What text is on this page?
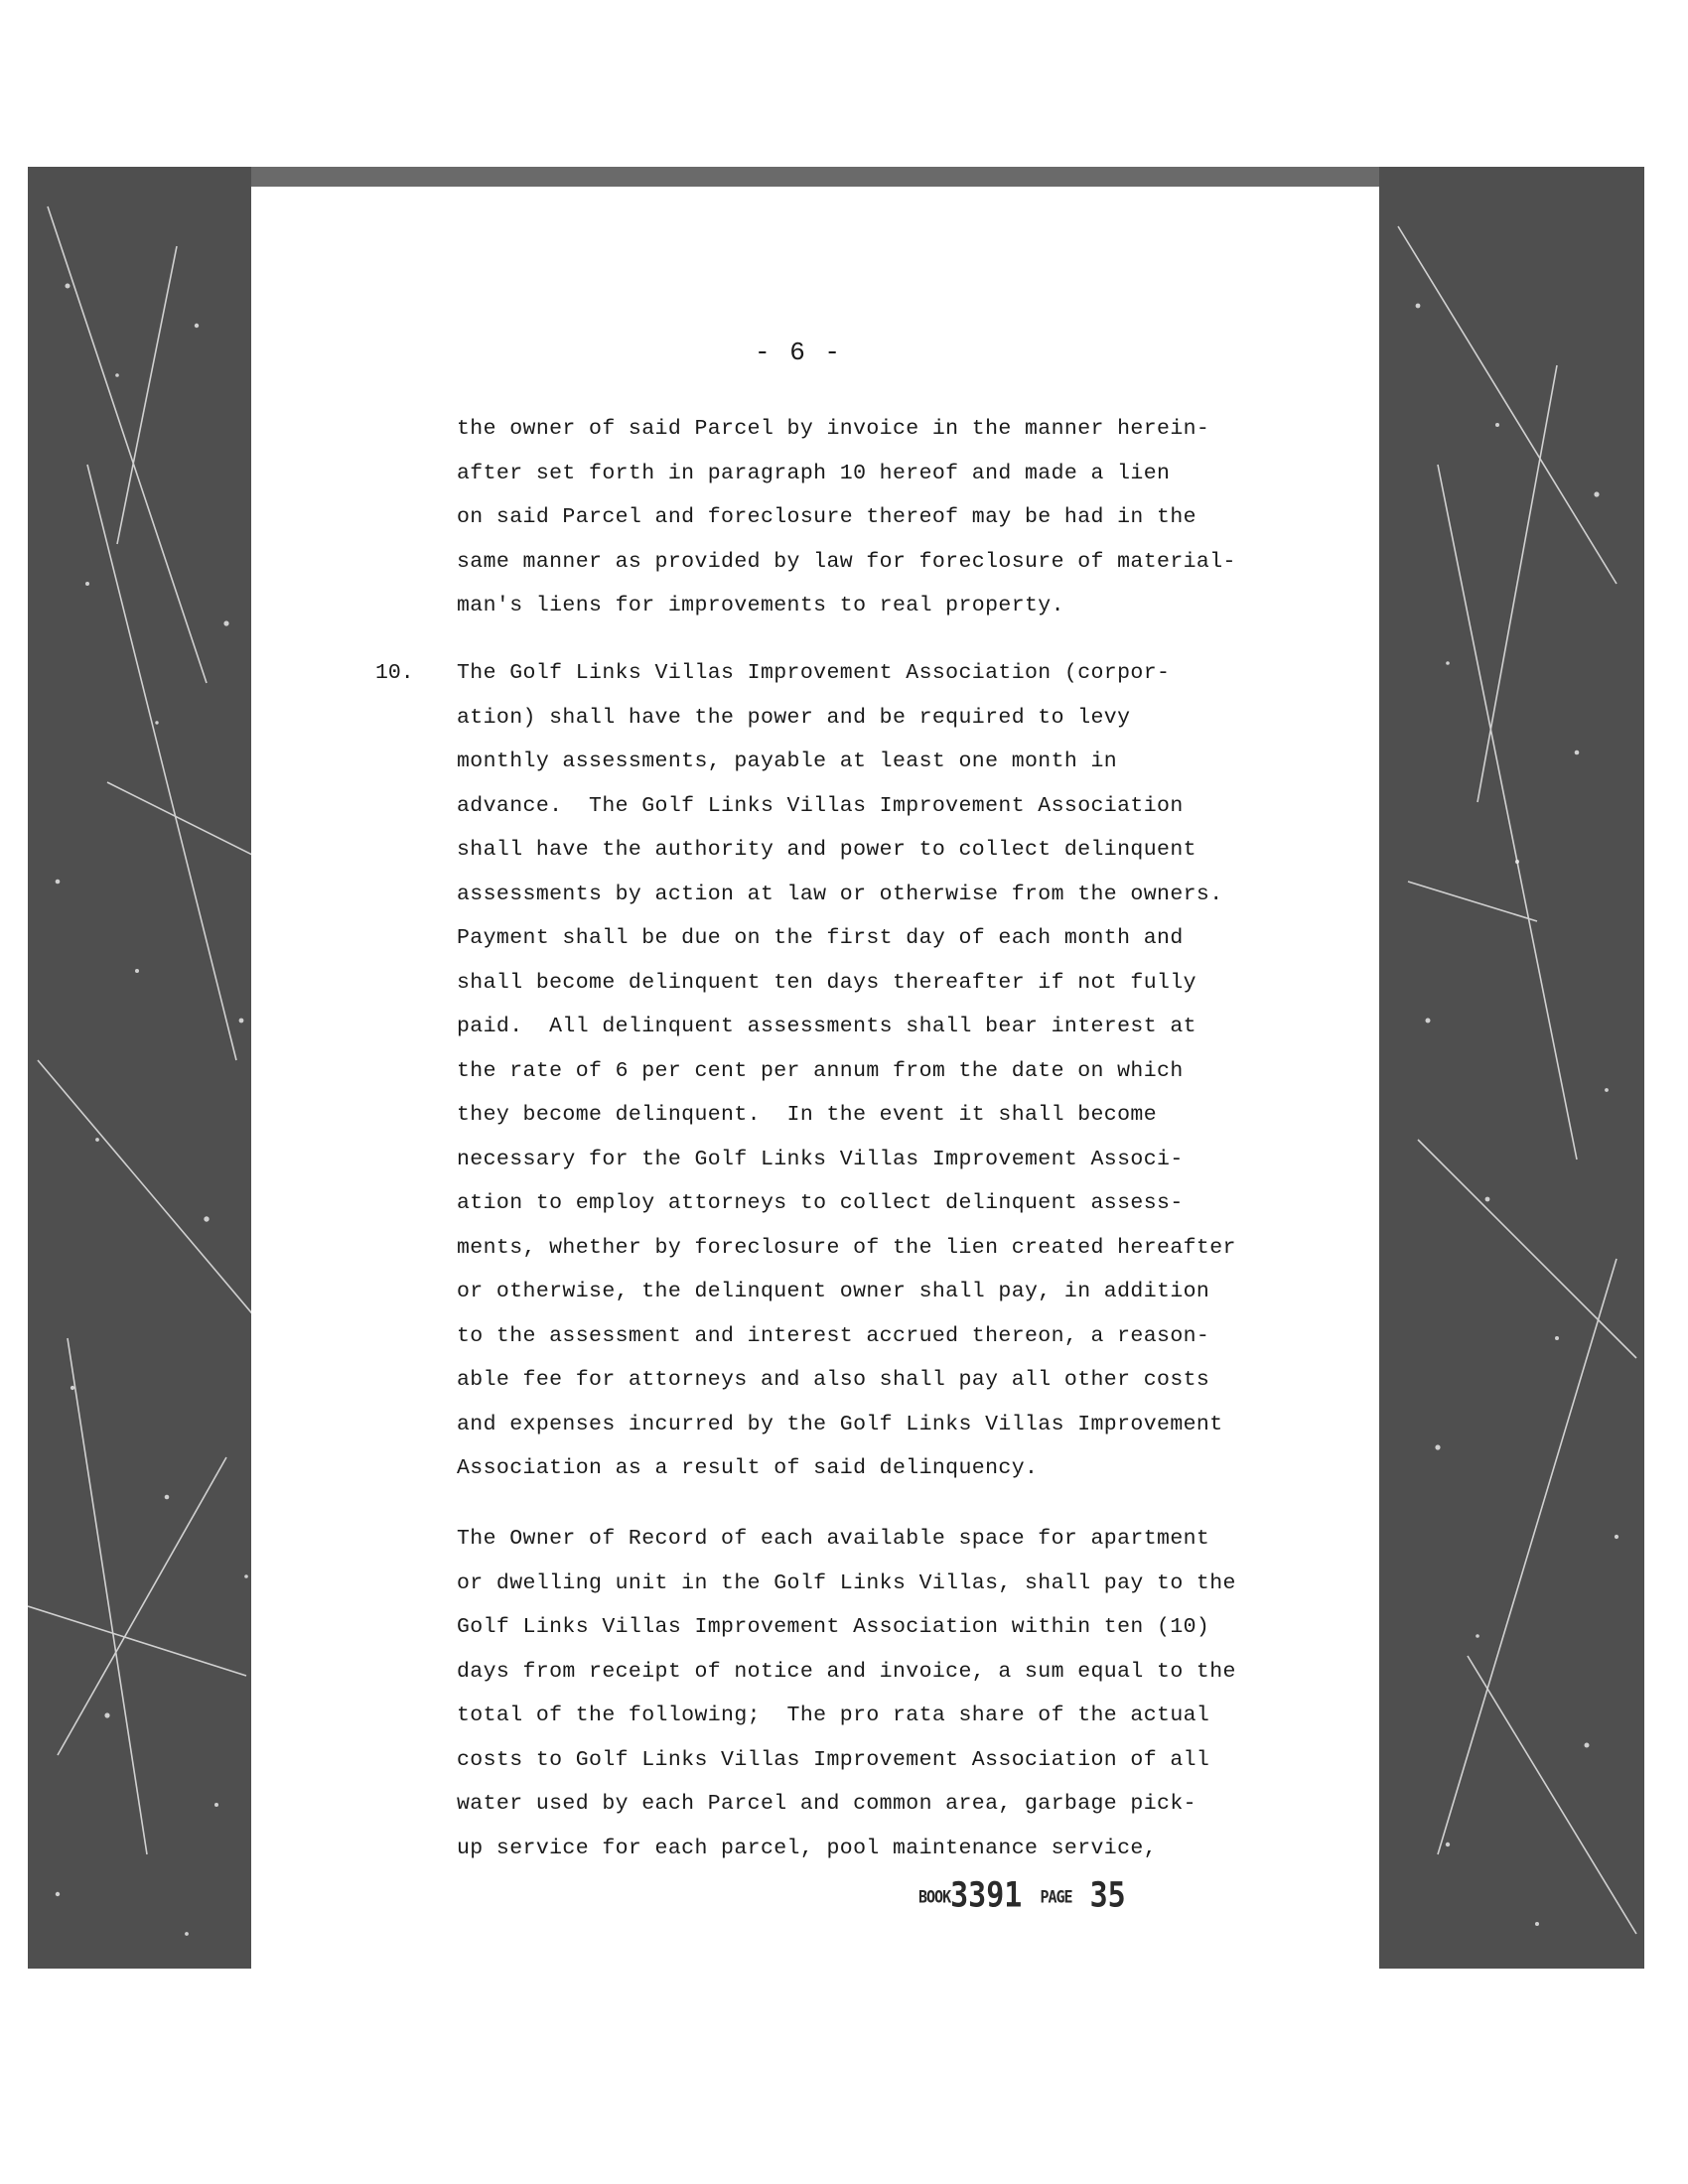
- 6 -
the owner of said Parcel by invoice in the manner herein-
after set forth in paragraph 10 hereof and made a lien
on said Parcel and foreclosure thereof may be had in the
same manner as provided by law for foreclosure of material-
man's liens for improvements to real property.
10. The Golf Links Villas Improvement Association (corpor-
ation) shall have the power and be required to levy
monthly assessments, payable at least one month in
advance.  The Golf Links Villas Improvement Association
shall have the authority and power to collect delinquent
assessments by action at law or otherwise from the owners.
Payment shall be due on the first day of each month and
shall become delinquent ten days thereafter if not fully
paid.  All delinquent assessments shall bear interest at
the rate of 6 per cent per annum from the date on which
they become delinquent.  In the event it shall become
necessary for the Golf Links Villas Improvement Associ-
ation to employ attorneys to collect delinquent assess-
ments, whether by foreclosure of the lien created hereafter
or otherwise, the delinquent owner shall pay, in addition
to the assessment and interest accrued thereon, a reason-
able fee for attorneys and also shall pay all other costs
and expenses incurred by the Golf Links Villas Improvement
Association as a result of said delinquency.
The Owner of Record of each available space for apartment
or dwelling unit in the Golf Links Villas, shall pay to the
Golf Links Villas Improvement Association within ten (10)
days from receipt of notice and invoice, a sum equal to the
total of the following;  The pro rata share of the actual
costs to Golf Links Villas Improvement Association of all
water used by each Parcel and common area, garbage pick-
up service for each parcel, pool maintenance service,
BOOK3391 PAGE 35
